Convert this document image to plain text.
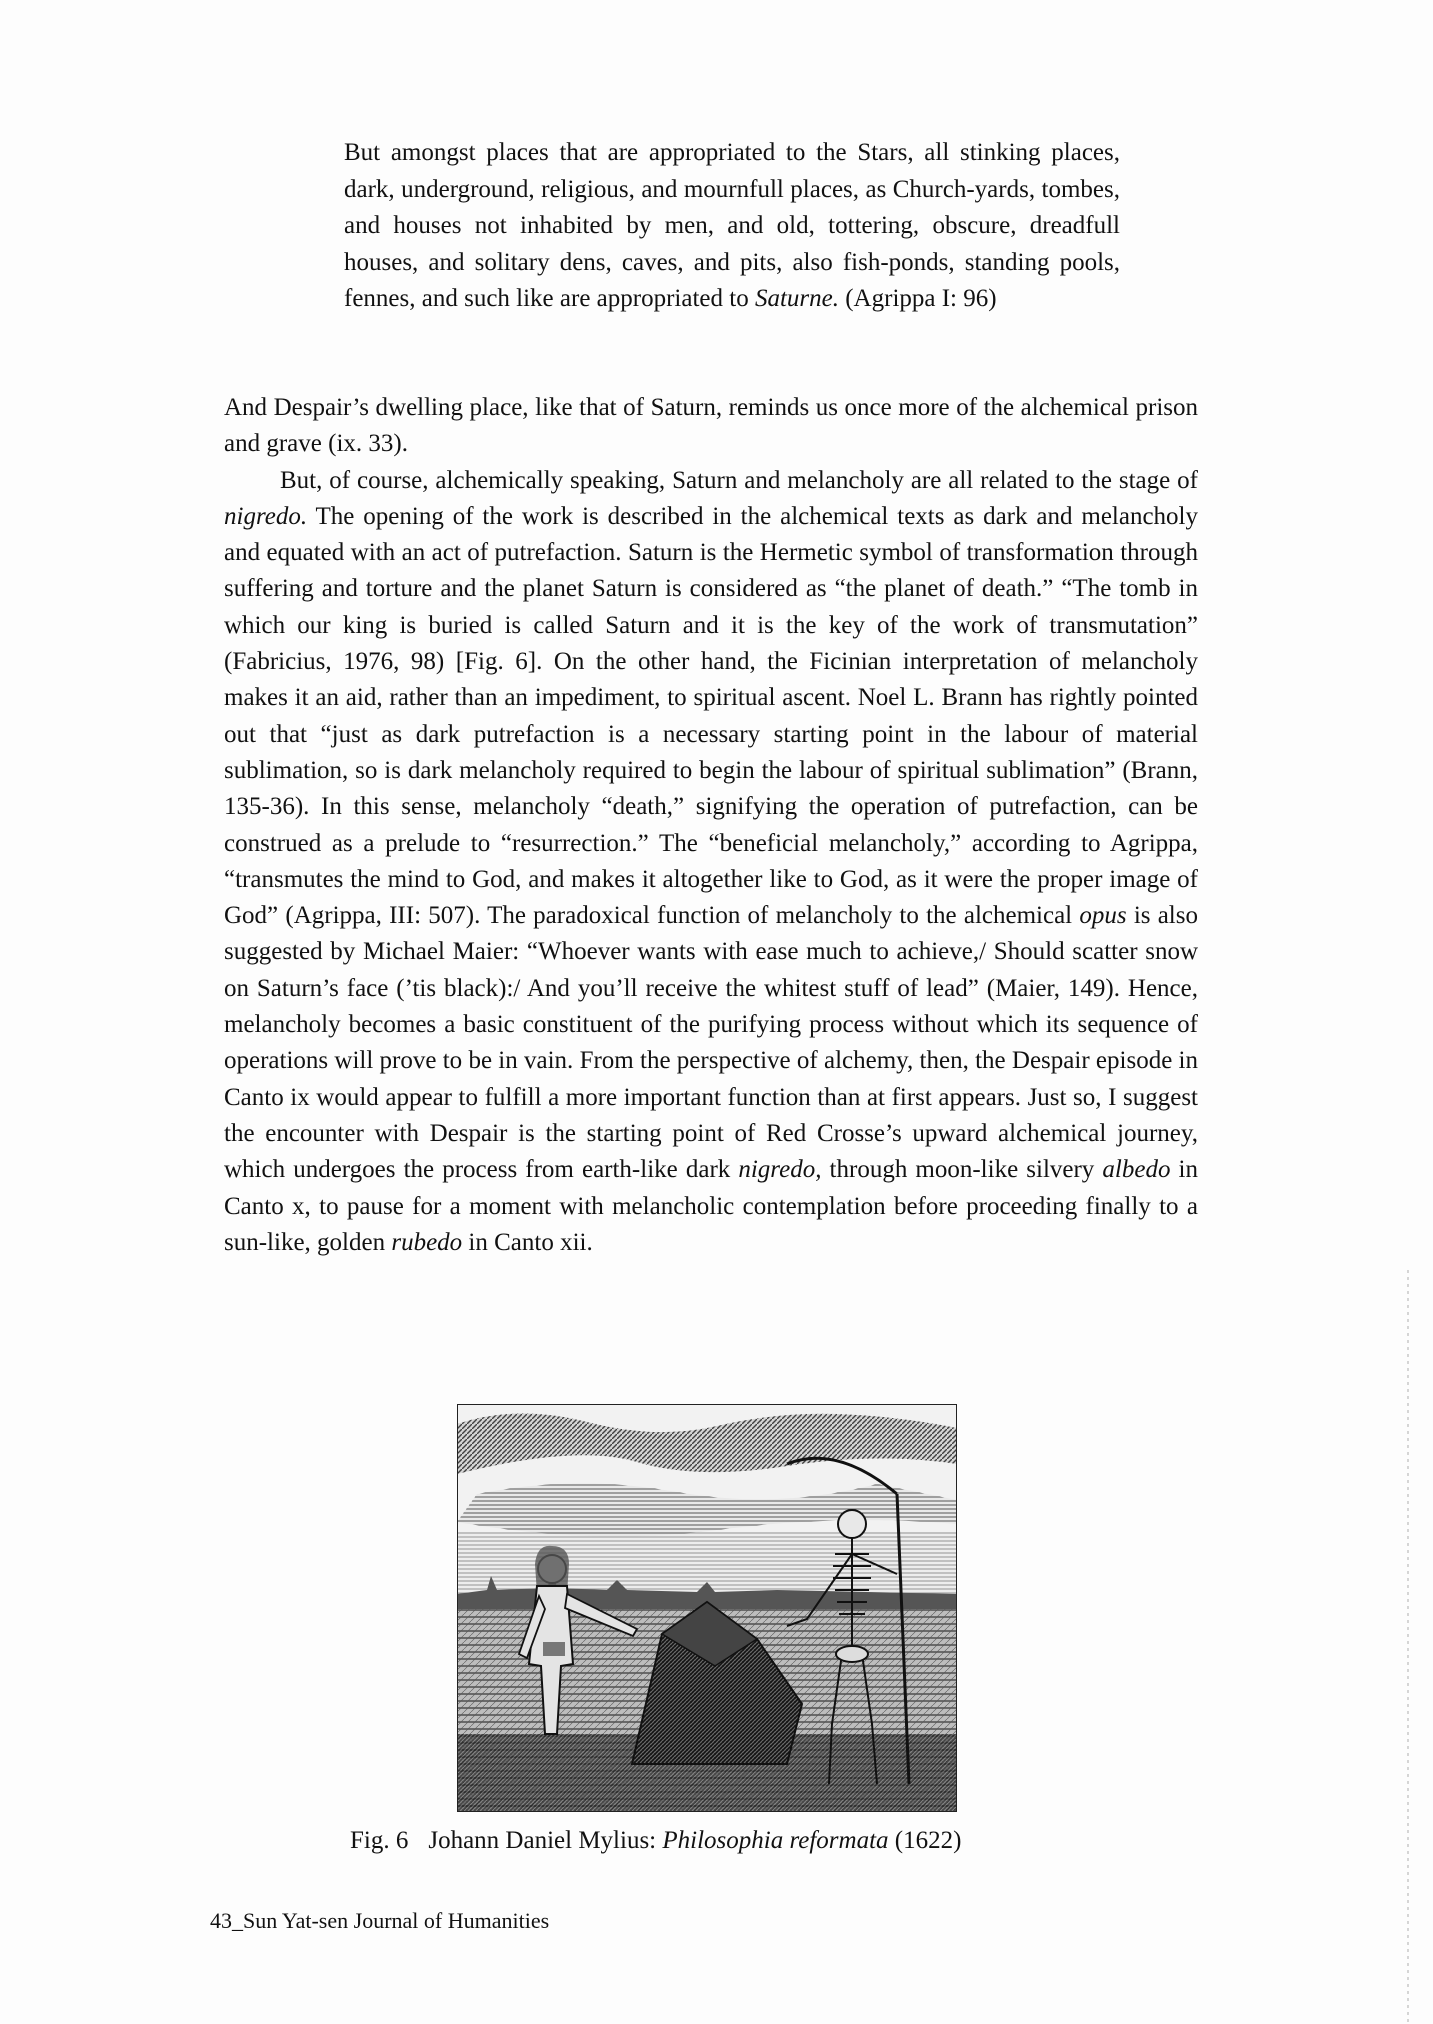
But amongst places that are appropriated to the Stars, all stinking places, dark, underground, religious, and mournfull places, as Church-yards, tombes, and houses not inhabited by men, and old, tottering, obscure, dreadfull houses, and solitary dens, caves, and pits, also fish-ponds, standing pools, fennes, and such like are appropriated to Saturne. (Agrippa I: 96)

And Despair’s dwelling place, like that of Saturn, reminds us once more of the alchemical prison and grave (ix. 33).

But, of course, alchemically speaking, Saturn and melancholy are all related to the stage of nigredo. The opening of the work is described in the alchemical texts as dark and melancholy and equated with an act of putrefaction. Saturn is the Hermetic symbol of transformation through suffering and torture and the planet Saturn is considered as “the planet of death.” “The tomb in which our king is buried is called Saturn and it is the key of the work of transmutation” (Fabricius, 1976, 98) [Fig. 6]. On the other hand, the Ficinian interpretation of melancholy makes it an aid, rather than an impediment, to spiritual ascent. Noel L. Brann has rightly pointed out that “just as dark putrefaction is a necessary starting point in the labour of material sublimation, so is dark melancholy required to begin the labour of spiritual sublimation” (Brann, 135-36). In this sense, melancholy “death,” signifying the operation of putrefaction, can be construed as a prelude to “resurrection.” The “beneficial melancholy,” according to Agrippa, “transmutes the mind to God, and makes it altogether like to God, as it were the proper image of God” (Agrippa, III: 507). The paradoxical function of melancholy to the alchemical opus is also suggested by Michael Maier: “Whoever wants with ease much to achieve,/ Should scatter snow on Saturn’s face (’tis black):/ And you’ll receive the whitest stuff of lead” (Maier, 149). Hence, melancholy becomes a basic constituent of the purifying process without which its sequence of operations will prove to be in vain. From the perspective of alchemy, then, the Despair episode in Canto ix would appear to fulfill a more important function than at first appears. Just so, I suggest the encounter with Despair is the starting point of Red Crosse’s upward alchemical journey, which undergoes the process from earth-like dark nigredo, through moon-like silvery albedo in Canto x, to pause for a moment with melancholic contemplation before proceeding finally to a sun-like, golden rubedo in Canto xii.

Fig. 6 Johann Daniel Mylius: Philosophia reformata (1622)
43_Sun Yat-sen Journal of Humanities
